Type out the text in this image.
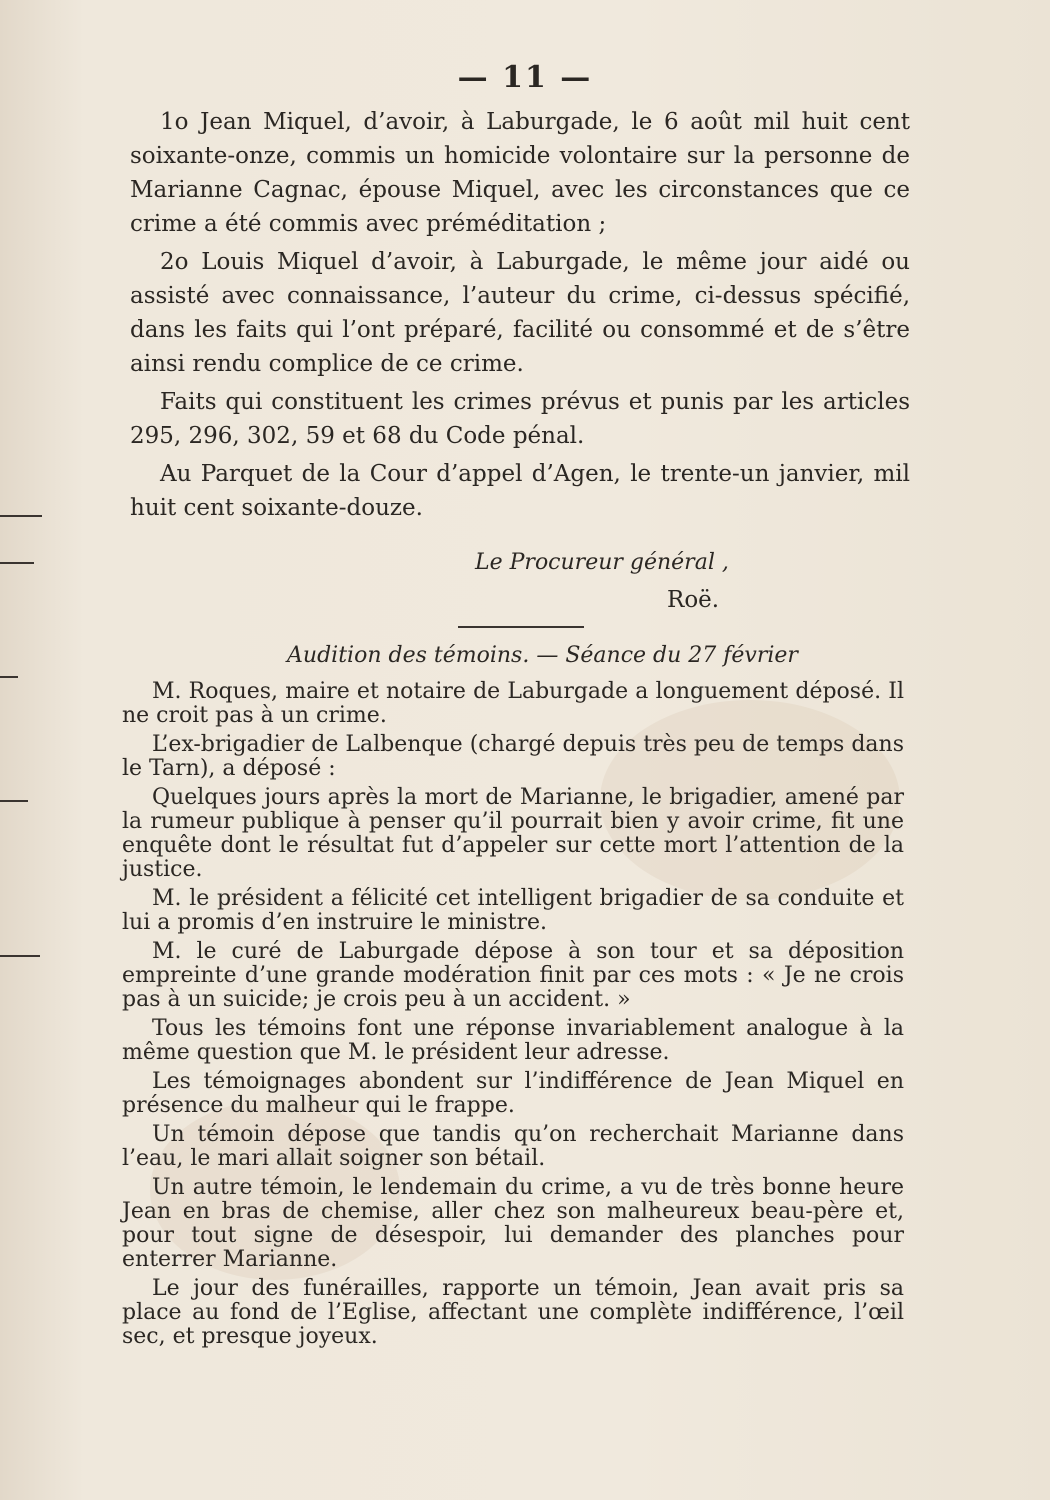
— 11 —

1o Jean Miquel, d’avoir, à Laburgade, le 6 août mil huit cent soixante-onze, commis un homicide volontaire sur la personne de Marianne Cagnac, épouse Miquel, avec les circonstances que ce crime a été commis avec préméditation ;

2o Louis Miquel d’avoir, à Laburgade, le même jour aidé ou assisté avec connaissance, l’auteur du crime, ci-dessus spécifié, dans les faits qui l’ont préparé, facilité ou consommé et de s’être ainsi rendu complice de ce crime.

Faits qui constituent les crimes prévus et punis par les articles 295, 296, 302, 59 et 68 du Code pénal.

Au Parquet de la Cour d’appel d’Agen, le trente-un janvier, mil huit cent soixante-douze.

Le Procureur général ,
Roë.
Audition des témoins. — Séance du 27 février

M. Roques, maire et notaire de Laburgade a longuement déposé. Il ne croit pas à un crime.

L’ex-brigadier de Lalbenque (chargé depuis très peu de temps dans le Tarn), a déposé :

Quelques jours après la mort de Marianne, le brigadier, amené par la rumeur publique à penser qu’il pourrait bien y avoir crime, fit une enquête dont le résultat fut d’appeler sur cette mort l’attention de la justice.

M. le président a félicité cet intelligent brigadier de sa conduite et lui a promis d’en instruire le ministre.

M. le curé de Laburgade dépose à son tour et sa déposition empreinte d’une grande modération finit par ces mots : « Je ne crois pas à un suicide; je crois peu à un accident. »

Tous les témoins font une réponse invariablement analogue à la même question que M. le président leur adresse.

Les témoignages abondent sur l’indifférence de Jean Miquel en présence du malheur qui le frappe.

Un témoin dépose que tandis qu’on recherchait Marianne dans l’eau, le mari allait soigner son bétail.

Un autre témoin, le lendemain du crime, a vu de très bonne heure Jean en bras de chemise, aller chez son malheureux beau-père et, pour tout signe de désespoir, lui demander des planches pour enterrer Marianne.

Le jour des funérailles, rapporte un témoin, Jean avait pris sa place au fond de l’Eglise, affectant une complète indifférence, l’œil sec, et presque joyeux.
